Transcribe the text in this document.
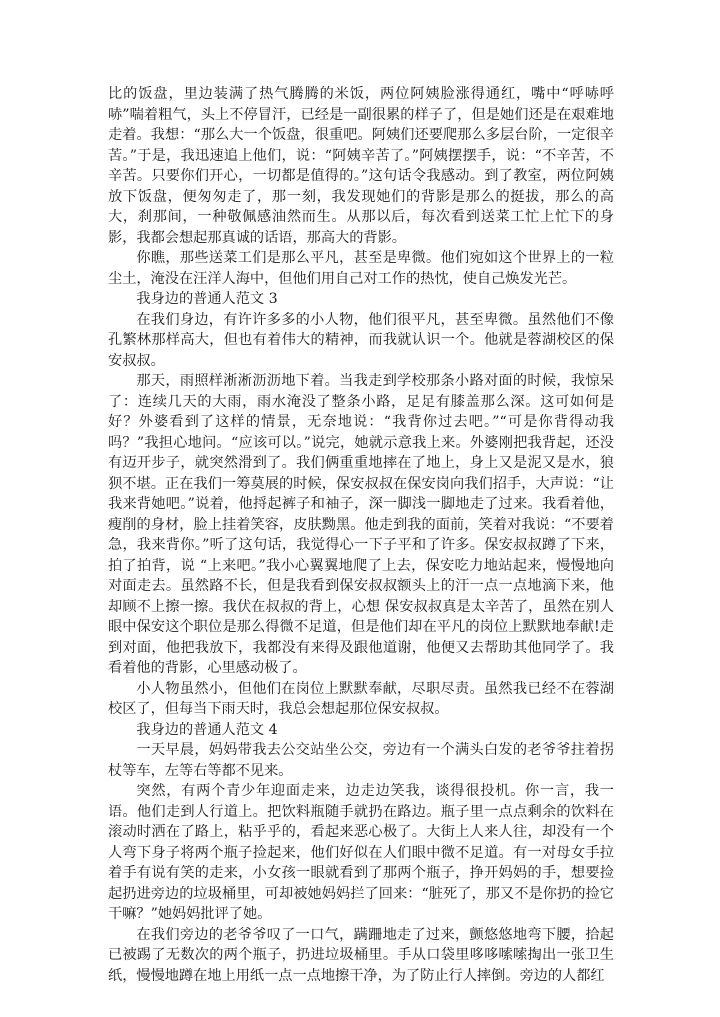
比的饭盘，里边装满了热气腾腾的米饭，两位阿姨脸涨得通红，嘴中“呼哧呼哧”喘着粗气，头上不停冒汗，已经是一副很累的样子了，但是她们还是在艰难地走着。我想：“那么大一个饭盘，很重吧。阿姨们还要爬那么多层台阶，一定很辛苦。”于是，我迅速追上他们，说：“阿姨辛苦了。”阿姨摆摆手，说：“不辛苦，不辛苦。只要你们开心，一切都是值得的。”这句话令我感动。到了教室，两位阿姨放下饭盘，便匆匆走了，那一刻，我发现她们的背影是那么的挺拔，那么的高大，刹那间，一种敬佩感油然而生。从那以后，每次看到送菜工忙上忙下的身影，我都会想起那真诚的话语，那高大的背影。

你瞧，那些送菜工们是那么平凡，甚至是卑微。他们宛如这个世界上的一粒尘土，淹没在汪洋人海中，但他们用自己对工作的热忱，使自己焕发光芒。

我身边的普通人范文 3

在我们身边，有许许多多的小人物，他们很平凡，甚至卑微。虽然他们不像孔繁林那样高大，但也有着伟大的精神，而我就认识一个。他就是蓉湖校区的保安叔叔。

那天，雨照样淅淅沥沥地下着。当我走到学校那条小路对面的时候，我惊呆了：连续几天的大雨，雨水淹没了整条小路，足足有膝盖那么深。这可如何是好？外婆看到了这样的情景，无奈地说：“我背你过去吧。”“可是你背得动我吗？”我担心地问。“应该可以。”说完，她就示意我上来。外婆刚把我背起，还没有迈开步子，就突然滑到了。我们俩重重地摔在了地上，身上又是泥又是水，狼狈不堪。正在我们一筹莫展的时候，保安叔叔在保安岗向我们招手，大声说：“让我来背她吧。”说着，他捋起裤子和袖子，深一脚浅一脚地走了过来。我看着他，瘦削的身材，脸上挂着笑容，皮肤黝黑。他走到我的面前，笑着对我说：“不要着急，我来背你。”听了这句话，我觉得心一下子平和了许多。保安叔叔蹲了下来，拍了拍背，说 “上来吧。”我小心翼翼地爬了上去，保安吃力地站起来，慢慢地向对面走去。虽然路不长，但是我看到保安叔叔额头上的汗一点一点地滴下来，他却顾不上擦一擦。我伏在叔叔的背上，心想 保安叔叔真是太辛苦了，虽然在别人眼中保安这个职位是那么得微不足道，但是他们却在平凡的岗位上默默地奉献!走到对面，他把我放下，我都没有来得及跟他道谢，他便又去帮助其他同学了。我看着他的背影，心里感动极了。

小人物虽然小，但他们在岗位上默默奉献，尽职尽责。虽然我已经不在蓉湖校区了，但每当下雨天时，我总会想起那位保安叔叔。

我身边的普通人范文 4

一天早晨，妈妈带我去公交站坐公交，旁边有一个满头白发的老爷爷拄着拐杖等车，左等右等都不见来。

突然，有两个青少年迎面走来，边走边笑我，谈得很投机。你一言，我一语。他们走到人行道上。把饮料瓶随手就扔在路边。瓶子里一点点剩余的饮料在滚动时洒在了路上，粘乎乎的，看起来恶心极了。大街上人来人往，却没有一个人弯下身子将两个瓶子捡起来，他们好似在人们眼中微不足道。有一对母女手拉着手有说有笑的走来，小女孩一眼就看到了那两个瓶子，挣开妈妈的手，想要捡起扔进旁边的垃圾桶里，可却被她妈妈拦了回来：“脏死了，那又不是你扔的捡它干嘛？”她妈妈批评了她。

在我们旁边的老爷爷叹了一口气，蹒跚地走了过来，颤悠悠地弯下腰，拾起已被踢了无数次的两个瓶子，扔进垃圾桶里。手从口袋里哆哆嗦嗦掏出一张卫生纸，慢慢地蹲在地上用纸一点一点地擦干净，为了防止行人摔倒。旁边的人都红
